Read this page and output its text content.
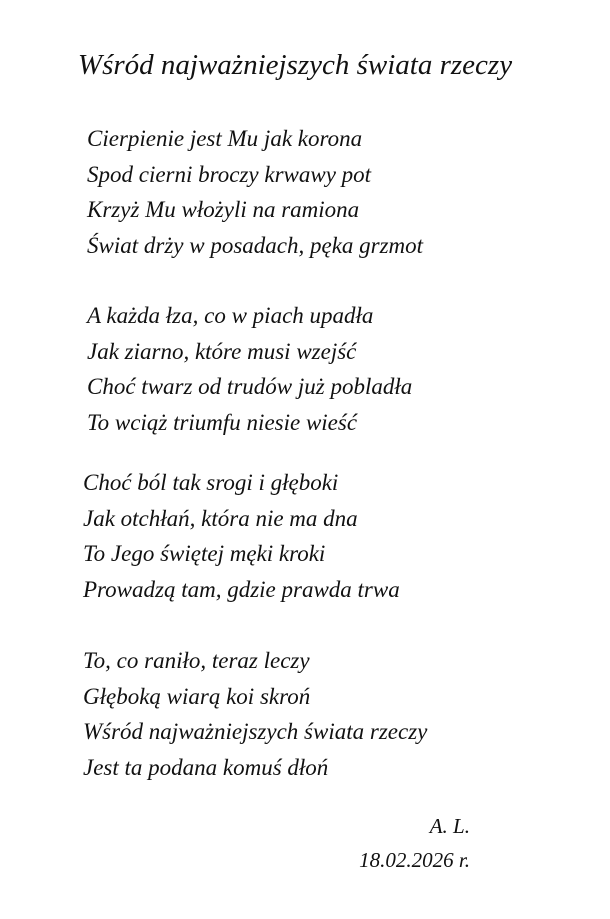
Wśród najważniejszych świata rzeczy
Cierpienie jest Mu jak korona
Spod cierni broczy krwawy pot
Krzyż Mu włożyli na ramiona
Świat drży w posadach, pęka grzmot
A każda łza, co w piach upadła
Jak ziarno, które musi wzejść
Choć twarz od trudów już pobladła
To wciąż triumfu niesie wieść
Choć ból tak srogi i głęboki
Jak otchłań, która nie ma dna
To Jego świętej męki kroki
Prowadzą tam, gdzie prawda trwa
To, co raniło, teraz leczy
Głęboką wiarą koi skroń
Wśród najważniejszych świata rzeczy
Jest ta podana komuś dłoń
A. L.
18.02.2026 r.
